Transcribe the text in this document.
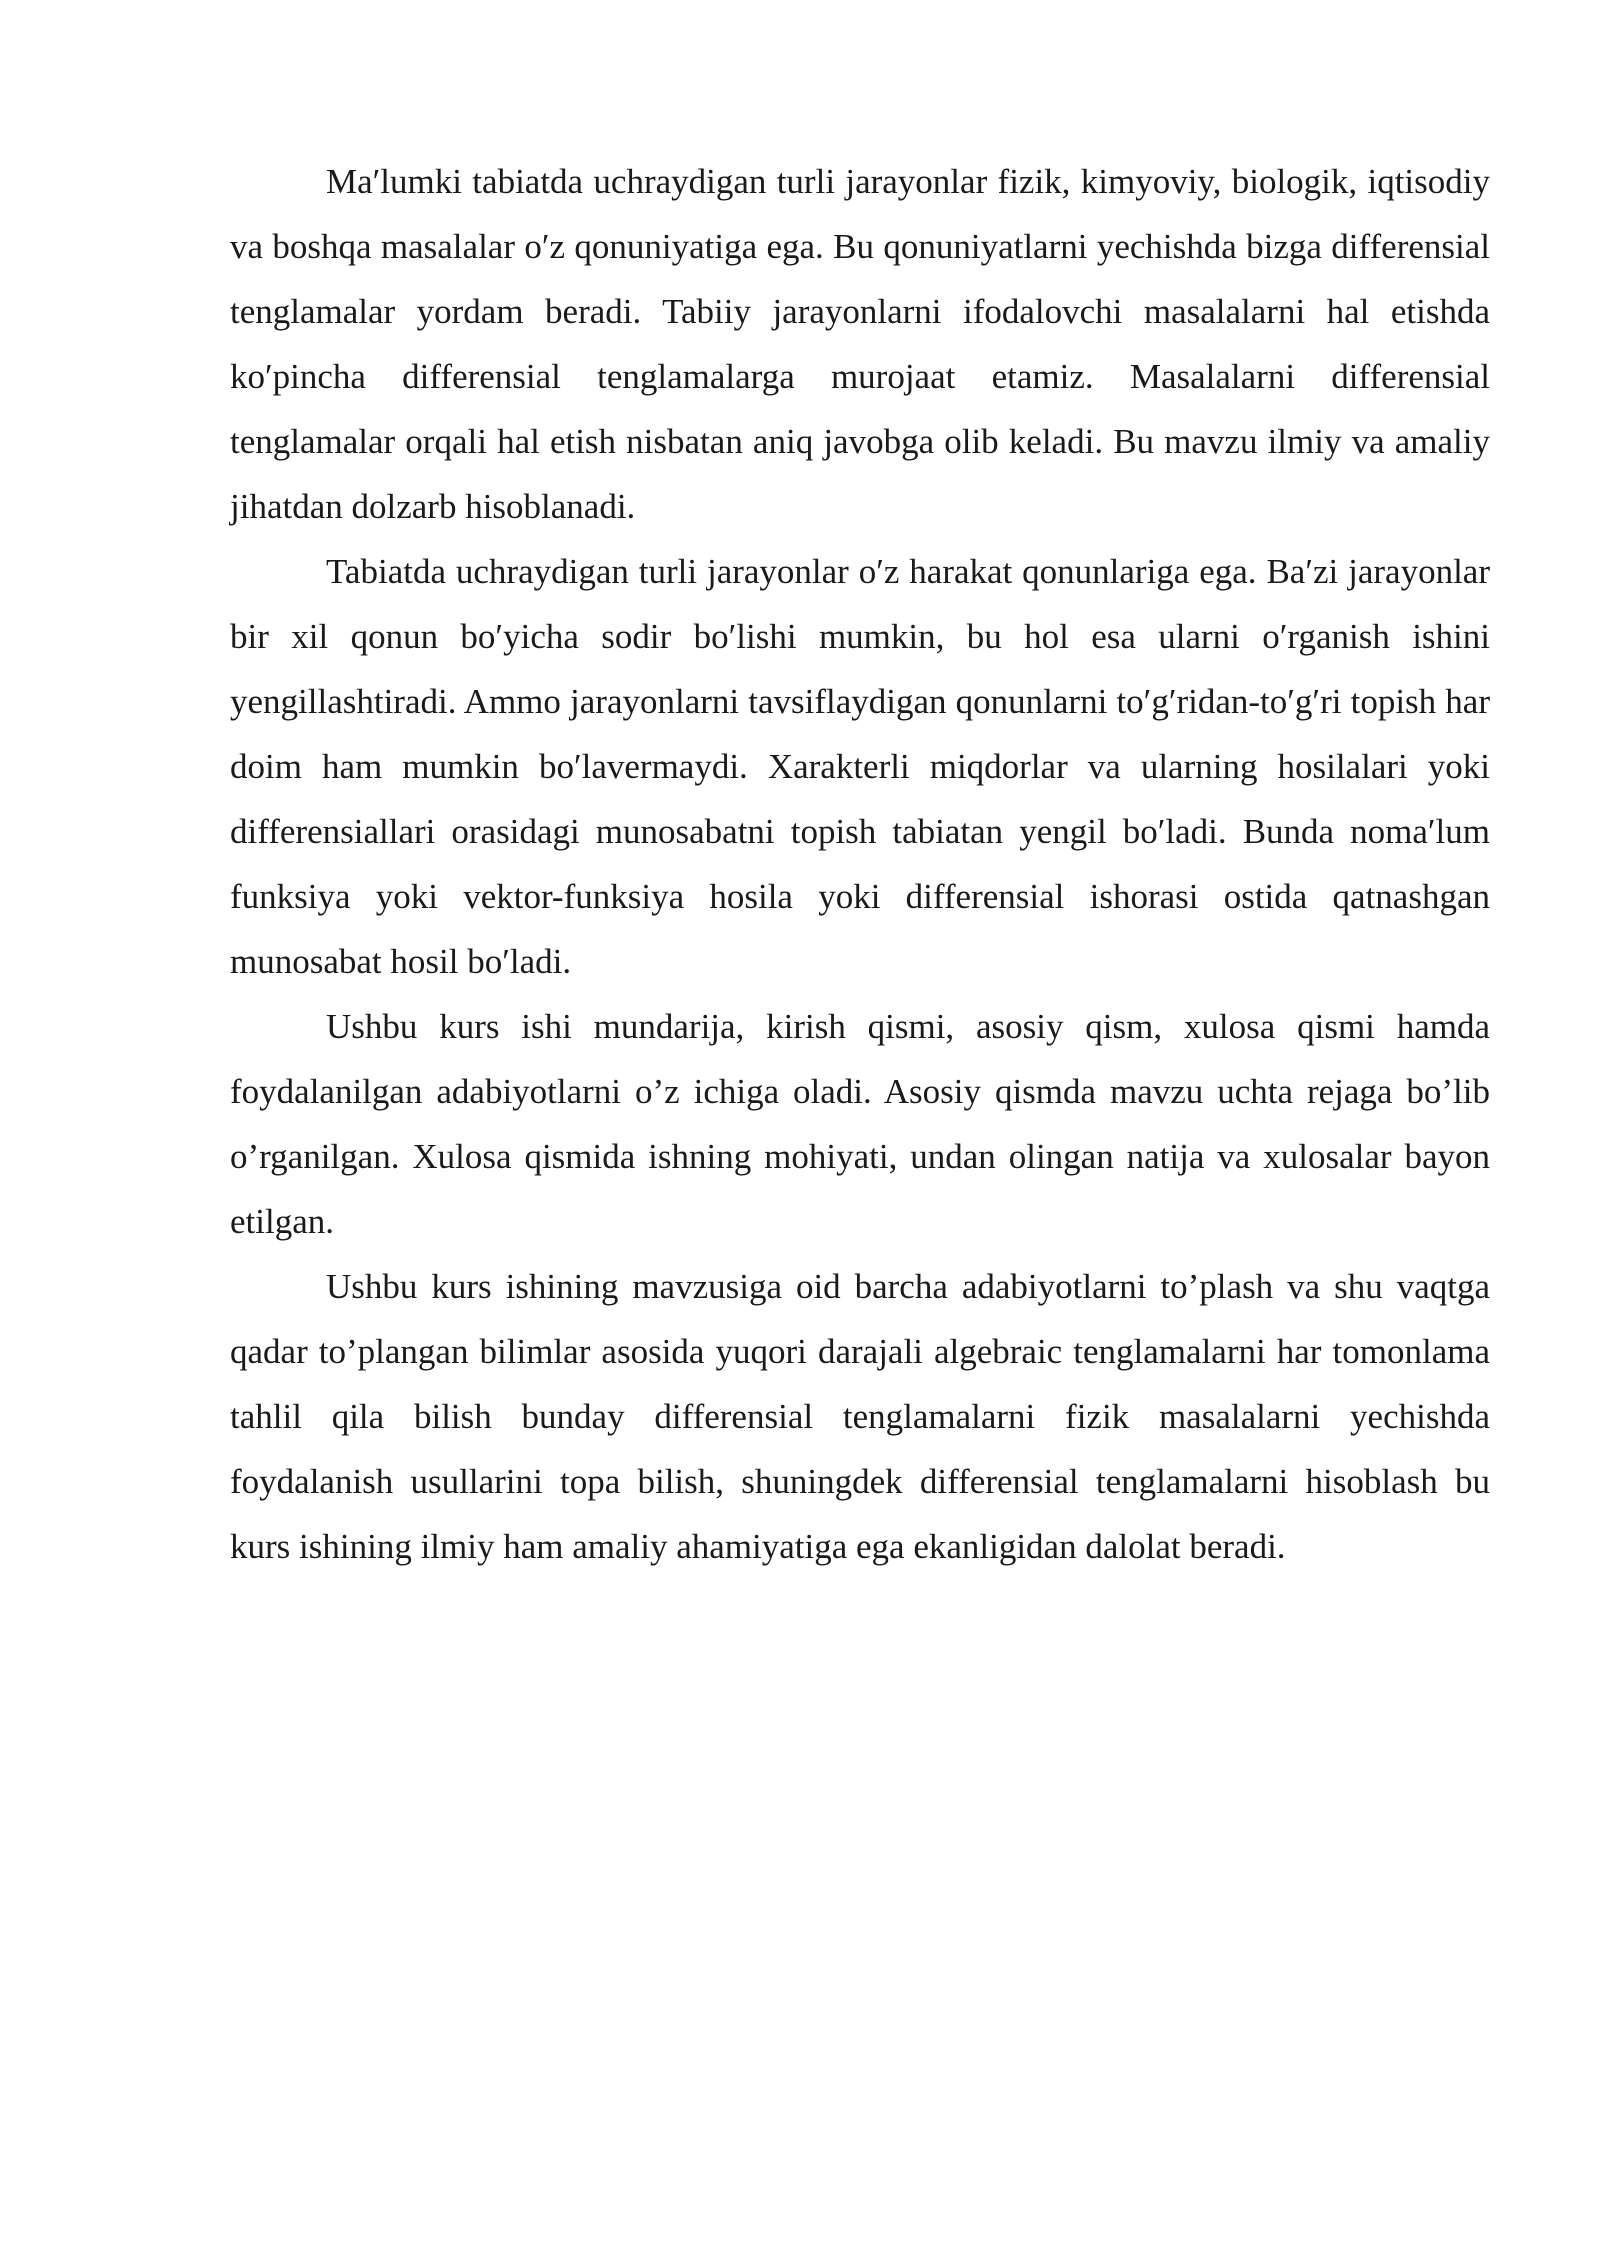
Ma′lumki tabiatda uchraydigan turli jarayonlar fizik, kimyoviy, biologik, iqtisodiy va boshqa masalalar o′z qonuniyatiga ega. Bu qonuniyatlarni yechishda bizga differensial tenglamalar yordam beradi. Tabiiy jarayonlarni ifodalovchi masalalarni hal etishda ko′pincha differensial tenglamalarga murojaat etamiz. Masalalarni differensial tenglamalar orqali hal etish nisbatan aniq javobga olib keladi. Bu mavzu ilmiy va amaliy jihatdan dolzarb hisoblanadi.

Tabiatda uchraydigan turli jarayonlar o′z harakat qonunlariga ega. Ba′zi jarayonlar bir xil qonun bo′yicha sodir bo′lishi mumkin, bu hol esa ularni o′rganish ishini yengillashtiradi. Ammo jarayonlarni tavsiflaydigan qonunlarni to′g′ridan-to′g′ri topish har doim ham mumkin bo′lavermaydi. Xarakterli miqdorlar va ularning hosilalari yoki differensiallari orasidagi munosabatni topish tabiatan yengil bo′ladi. Bunda noma′lum funksiya yoki vektor-funksiya hosila yoki differensial ishorasi ostida qatnashgan munosabat hosil bo′ladi.

Ushbu kurs ishi mundarija, kirish qismi, asosiy qism, xulosa qismi hamda foydalanilgan adabiyotlarni o’z ichiga oladi. Asosiy qismda mavzu uchta rejaga bo’lib o’rganilgan. Xulosa qismida ishning mohiyati, undan olingan natija va xulosalar bayon etilgan.

Ushbu kurs ishining mavzusiga oid barcha adabiyotlarni to’plash va shu vaqtga qadar to’plangan bilimlar asosida yuqori darajali algebraic tenglamalarni har tomonlama tahlil qila bilish bunday differensial tenglamalarni fizik masalalarni yechishda foydalanish usullarini topa bilish, shuningdek differensial tenglamalarni hisoblash bu kurs ishining ilmiy ham amaliy ahamiyatiga ega ekanligidan dalolat beradi.
